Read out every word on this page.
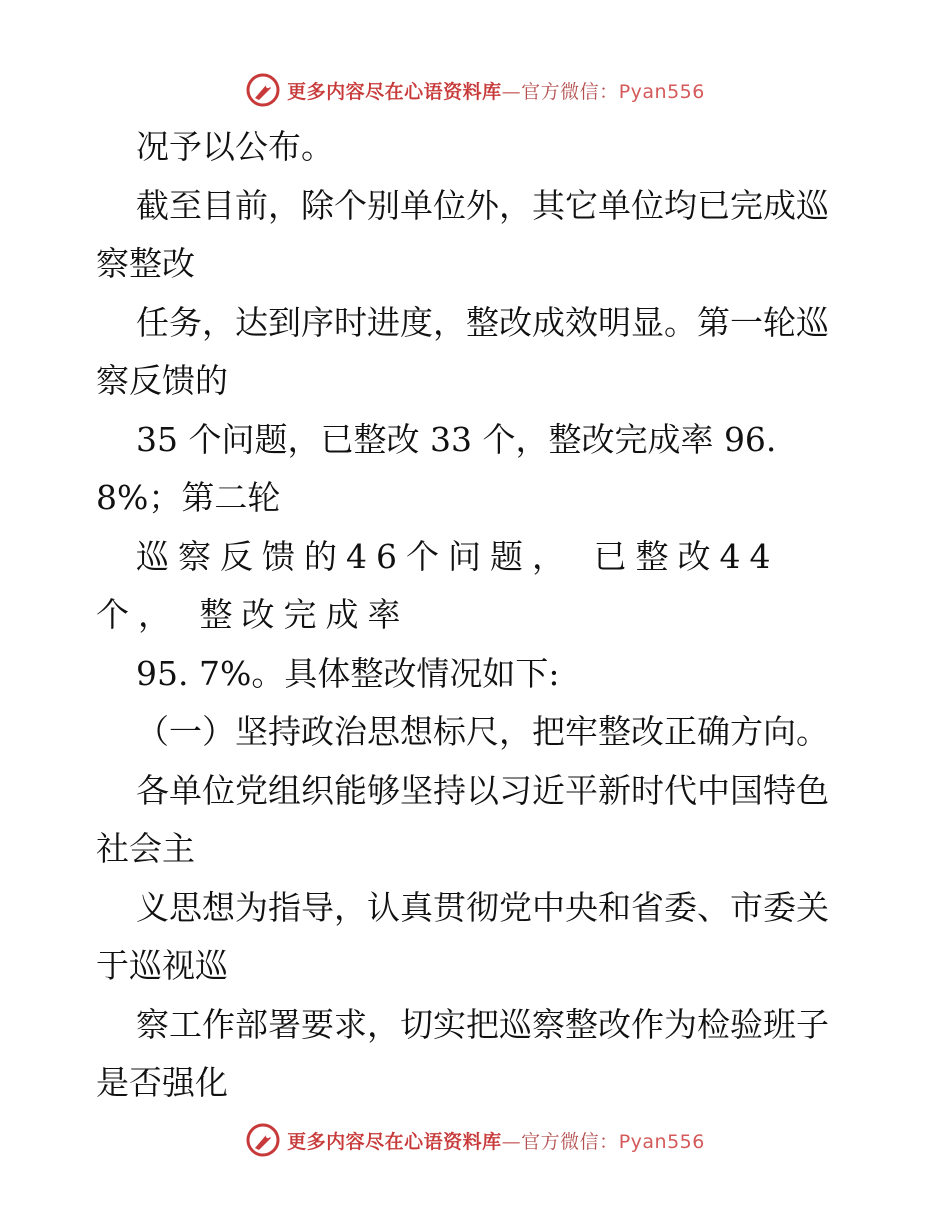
更多内容尽在心语资料库—官方微信：Pyan556
况予以公布。
截至目前，除个别单位外，其它单位均已完成巡
察整改
任务，达到序时进度，整改成效明显。第一轮巡
察反馈的
35 个问题，已整改 33 个，整改完成率 96.
8%；第二轮
巡察反馈的46个问题， 已整改44
个， 整改完成率
95. 7%。具体整改情况如下:
（一）坚持政治思想标尺，把牢整改正确方向。
各单位党组织能够坚持以习近平新时代中国特色
社会主
义思想为指导，认真贯彻党中央和省委、市委关
于巡视巡
察工作部署要求，切实把巡察整改作为检验班子
是否强化
更多内容尽在心语资料库—官方微信：Pyan556
